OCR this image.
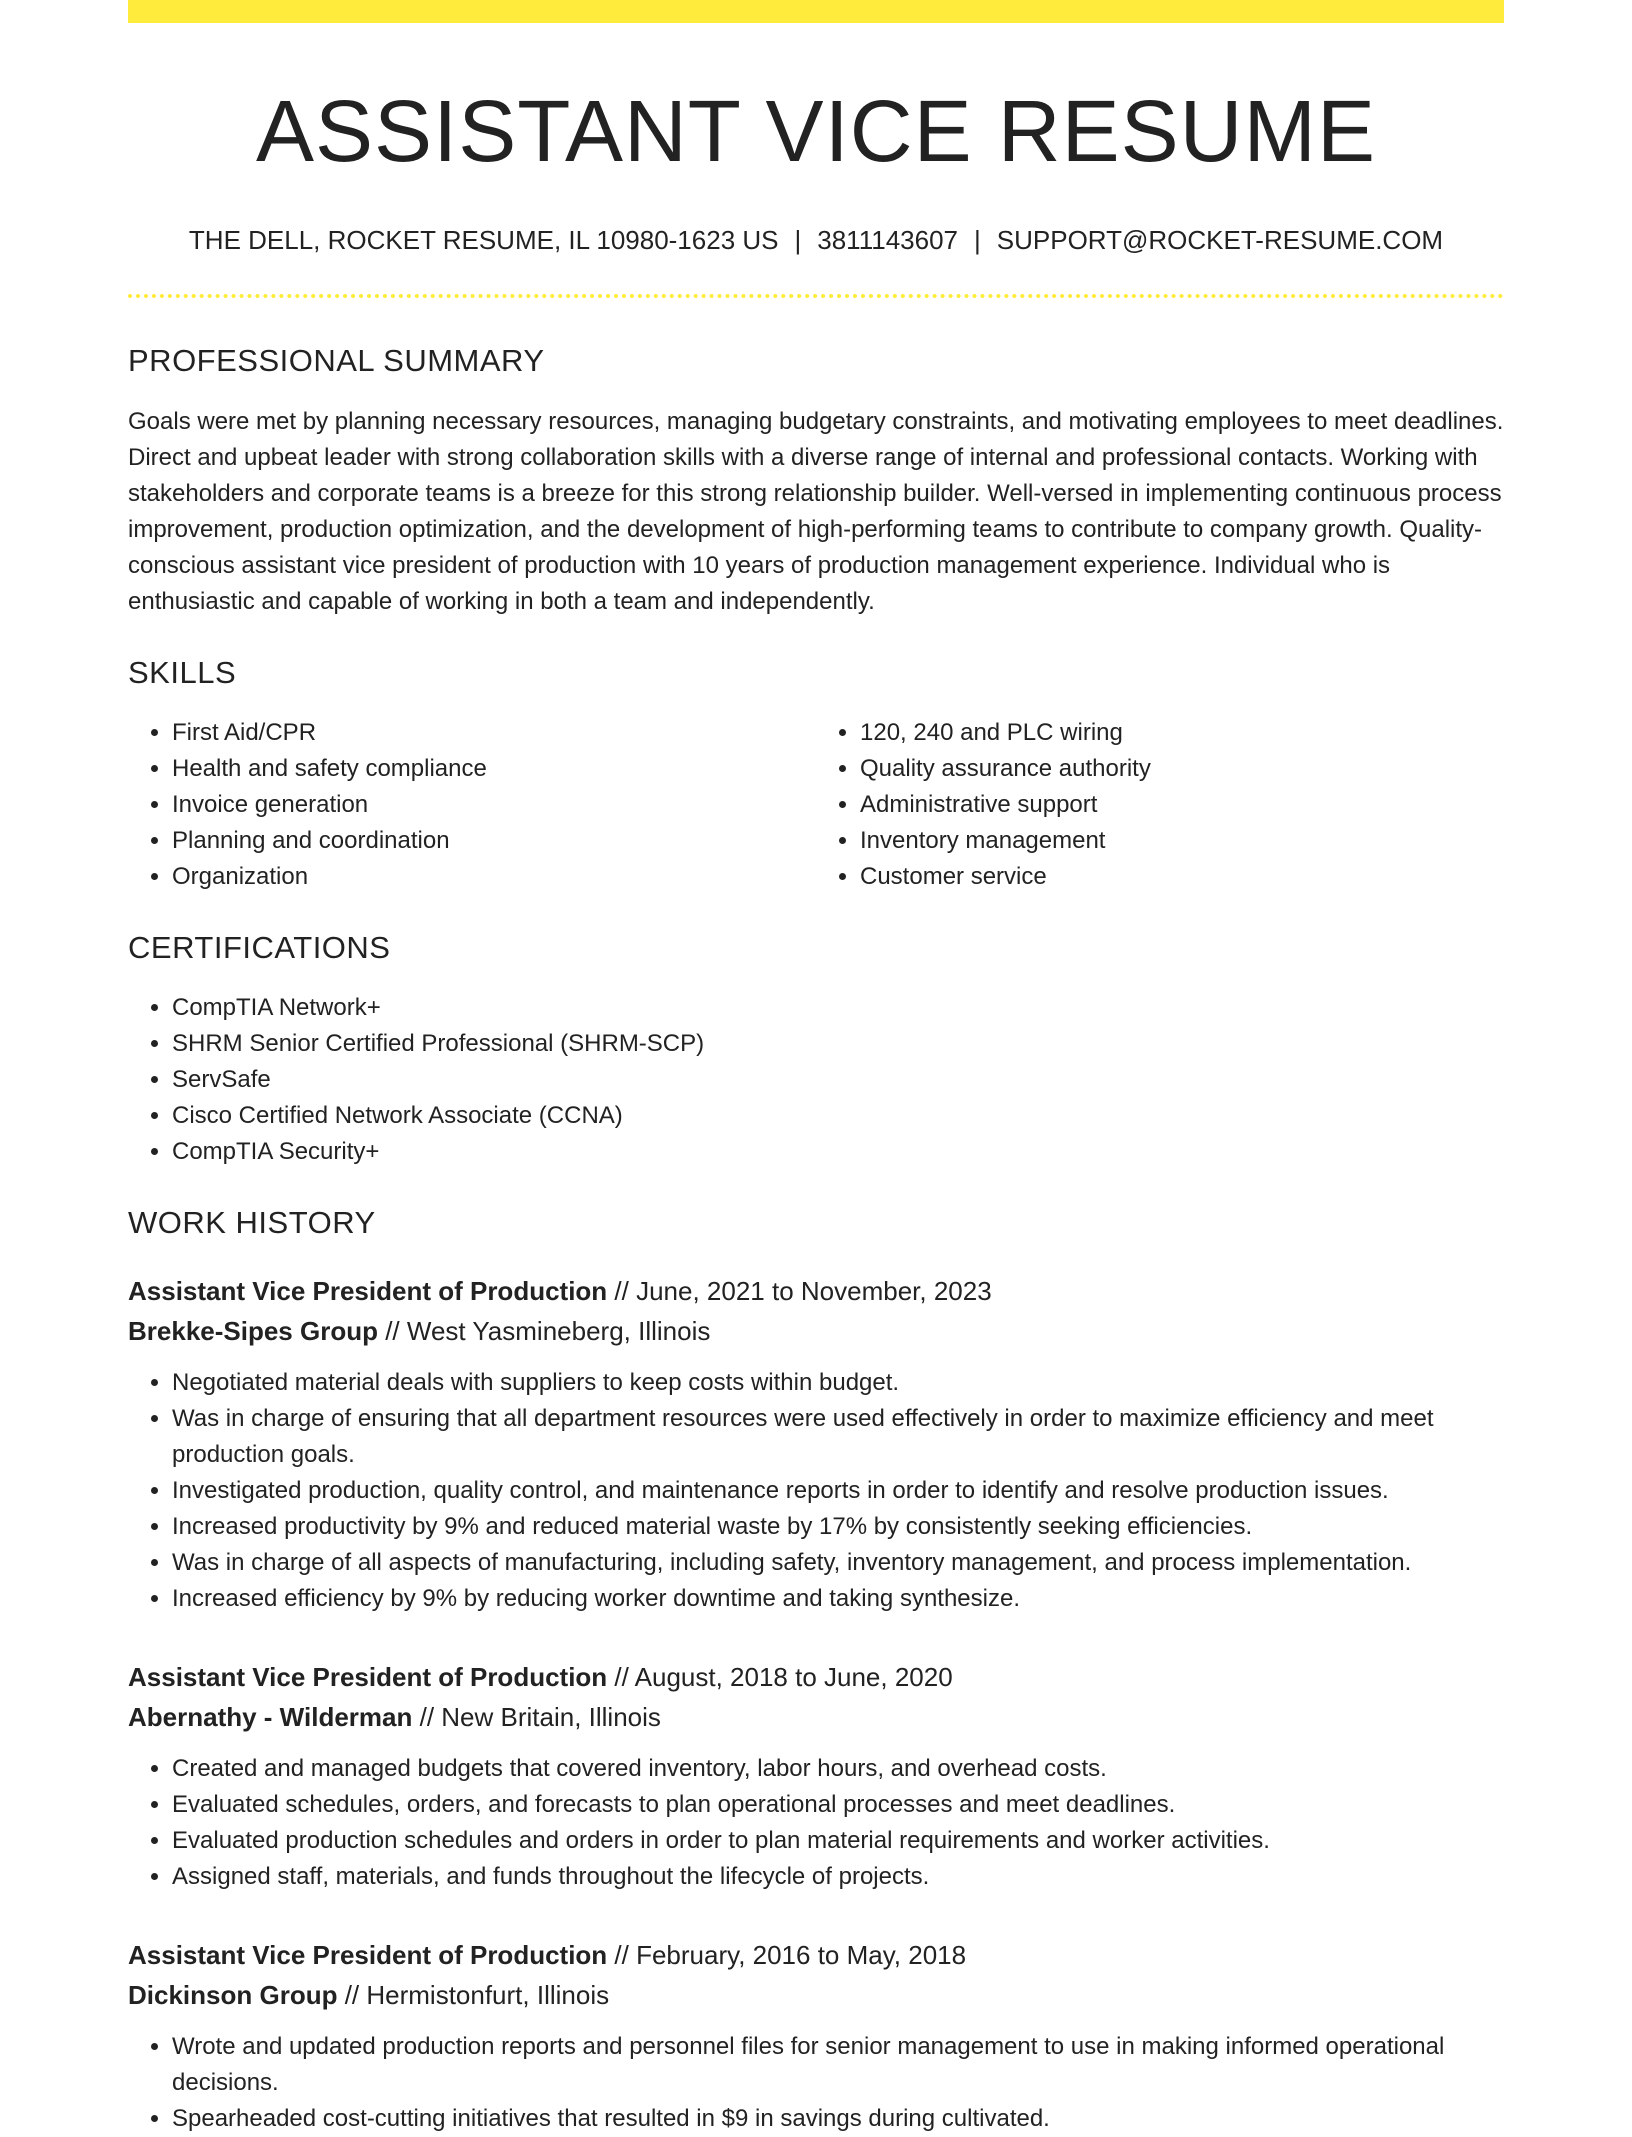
ASSISTANT VICE RESUME
THE DELL, ROCKET RESUME, IL 10980-1623 US | 3811143607 | SUPPORT@ROCKET-RESUME.COM
PROFESSIONAL SUMMARY

Goals were met by planning necessary resources, managing budgetary constraints, and motivating employees to meet deadlines. Direct and upbeat leader with strong collaboration skills with a diverse range of internal and professional contacts. Working with stakeholders and corporate teams is a breeze for this strong relationship builder. Well-versed in implementing continuous process improvement, production optimization, and the development of high-performing teams to contribute to company growth. Quality-conscious assistant vice president of production with 10 years of production management experience. Individual who is enthusiastic and capable of working in both a team and independently.

SKILLS
• First Aid/CPR
• Health and safety compliance
• Invoice generation
• Planning and coordination
• Organization
• 120, 240 and PLC wiring
• Quality assurance authority
• Administrative support
• Inventory management
• Customer service
CERTIFICATIONS
• CompTIA Network+
• SHRM Senior Certified Professional (SHRM-SCP)
• ServSafe
• Cisco Certified Network Associate (CCNA)
• CompTIA Security+
WORK HISTORY
Assistant Vice President of Production // June, 2021 to November, 2023
Brekke-Sipes Group // West Yasmineberg, Illinois
• Negotiated material deals with suppliers to keep costs within budget.
• Was in charge of ensuring that all department resources were used effectively in order to maximize efficiency and meet production goals.
• Investigated production, quality control, and maintenance reports in order to identify and resolve production issues.
• Increased productivity by 9% and reduced material waste by 17% by consistently seeking efficiencies.
• Was in charge of all aspects of manufacturing, including safety, inventory management, and process implementation.
• Increased efficiency by 9% by reducing worker downtime and taking synthesize.
Assistant Vice President of Production // August, 2018 to June, 2020
Abernathy - Wilderman // New Britain, Illinois
• Created and managed budgets that covered inventory, labor hours, and overhead costs.
• Evaluated schedules, orders, and forecasts to plan operational processes and meet deadlines.
• Evaluated production schedules and orders in order to plan material requirements and worker activities.
• Assigned staff, materials, and funds throughout the lifecycle of projects.
Assistant Vice President of Production // February, 2016 to May, 2018
Dickinson Group // Hermistonfurt, Illinois
• Wrote and updated production reports and personnel files for senior management to use in making informed operational decisions.
• Spearheaded cost-cutting initiatives that resulted in $9 in savings during cultivated.
